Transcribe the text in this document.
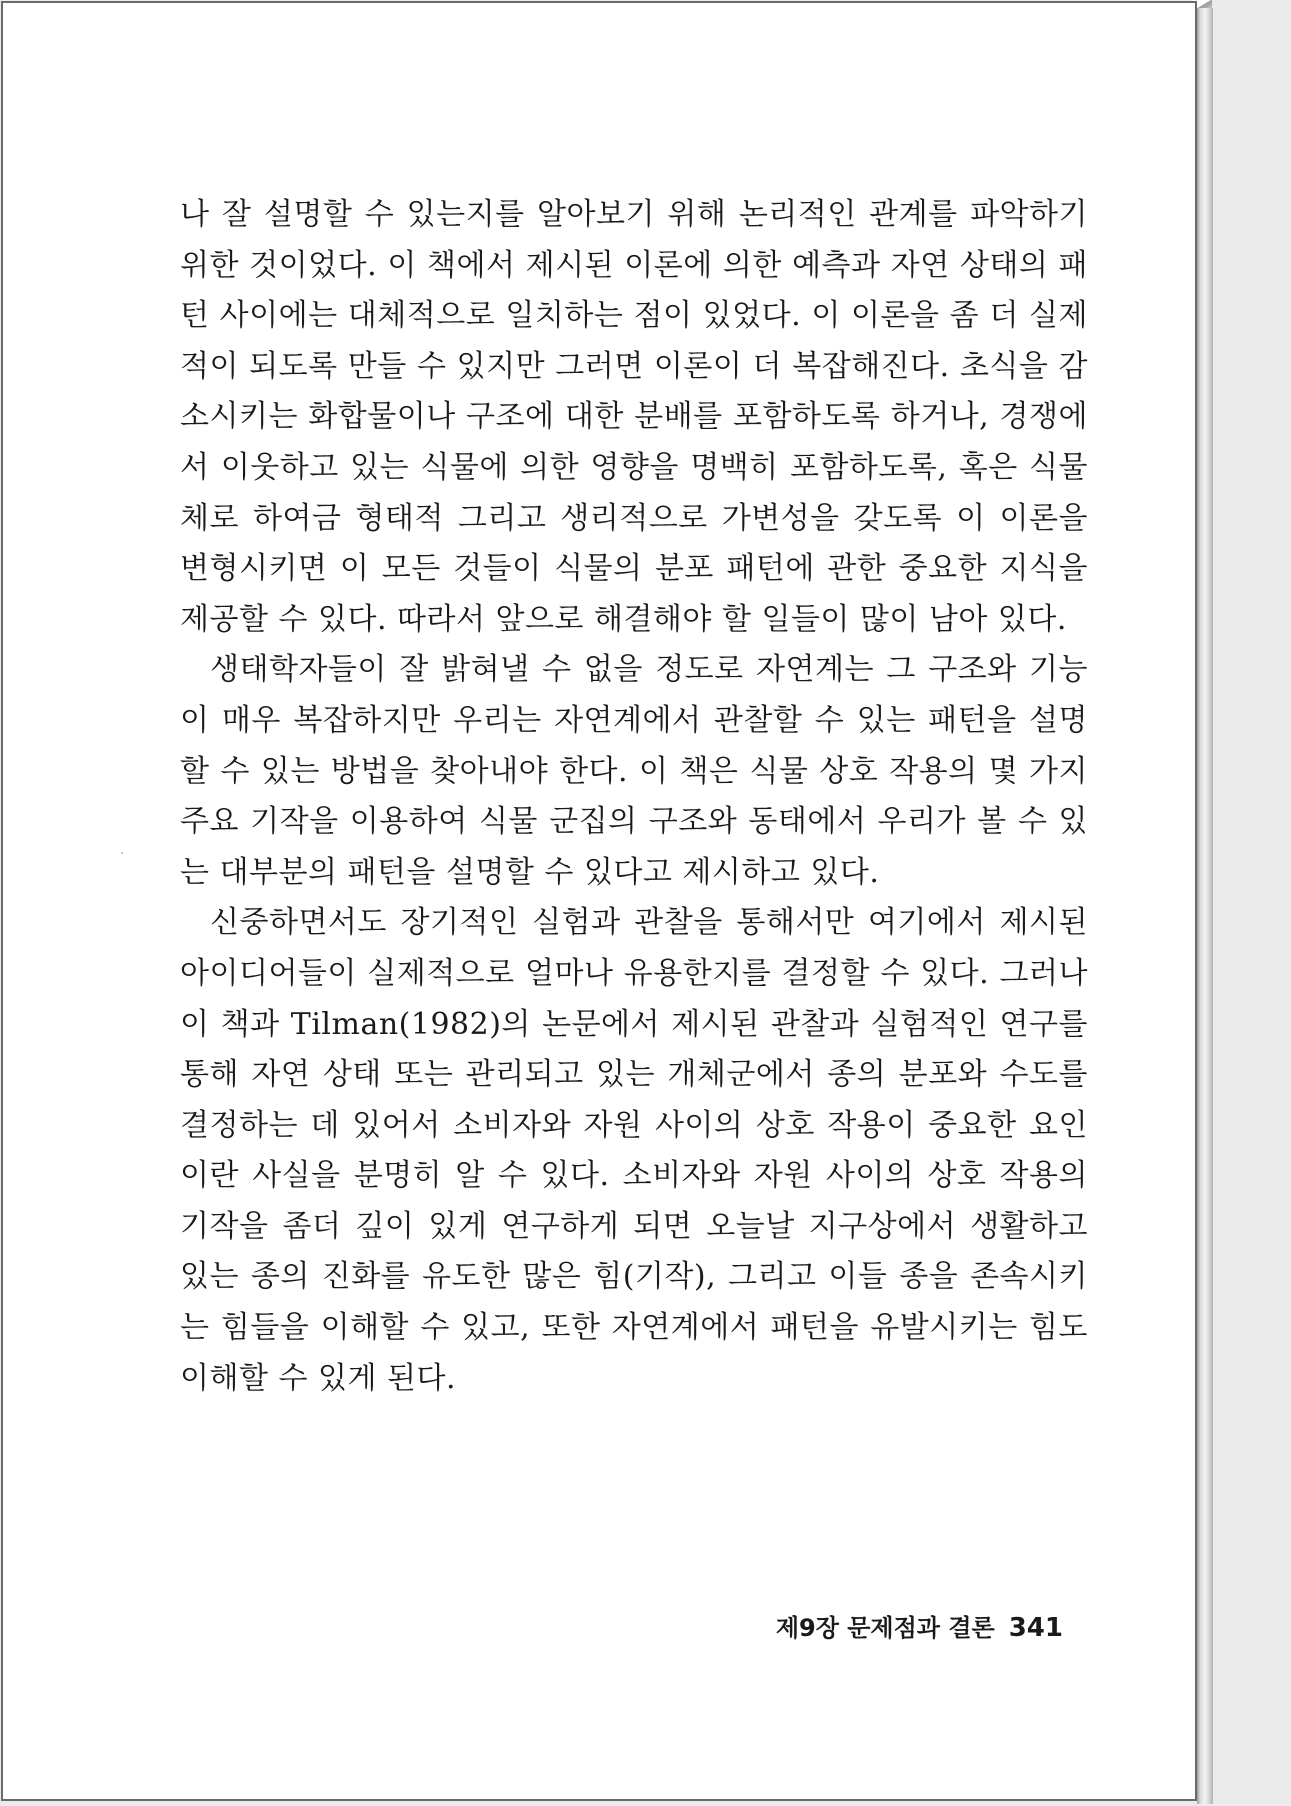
나 잘 설명할 수 있는지를 알아보기 위해 논리적인 관계를 파악하기 위한 것이었다. 이 책에서 제시된 이론에 의한 예측과 자연 상태의 패턴 사이에는 대체적으로 일치하는 점이 있었다. 이 이론을 좀 더 실제적이 되도록 만들 수 있지만 그러면 이론이 더 복잡해진다. 초식을 감소시키는 화합물이나 구조에 대한 분배를 포함하도록 하거나, 경쟁에서 이웃하고 있는 식물에 의한 영향을 명백히 포함하도록, 혹은 식물체로 하여금 형태적 그리고 생리적으로 가변성을 갖도록 이 이론을 변형시키면 이 모든 것들이 식물의 분포 패턴에 관한 중요한 지식을 제공할 수 있다. 따라서 앞으로 해결해야 할 일들이 많이 남아 있다.

생태학자들이 잘 밝혀낼 수 없을 정도로 자연계는 그 구조와 기능이 매우 복잡하지만 우리는 자연계에서 관찰할 수 있는 패턴을 설명할 수 있는 방법을 찾아내야 한다. 이 책은 식물 상호 작용의 몇 가지 주요 기작을 이용하여 식물 군집의 구조와 동태에서 우리가 볼 수 있는 대부분의 패턴을 설명할 수 있다고 제시하고 있다.

신중하면서도 장기적인 실험과 관찰을 통해서만 여기에서 제시된 아이디어들이 실제적으로 얼마나 유용한지를 결정할 수 있다. 그러나 이 책과 Tilman(1982)의 논문에서 제시된 관찰과 실험적인 연구를 통해 자연 상태 또는 관리되고 있는 개체군에서 종의 분포와 수도를 결정하는 데 있어서 소비자와 자원 사이의 상호 작용이 중요한 요인이란 사실을 분명히 알 수 있다. 소비자와 자원 사이의 상호 작용의 기작을 좀더 깊이 있게 연구하게 되면 오늘날 지구상에서 생활하고 있는 종의 진화를 유도한 많은 힘(기작), 그리고 이들 종을 존속시키는 힘들을 이해할 수 있고, 또한 자연계에서 패턴을 유발시키는 힘도 이해할 수 있게 된다.

제9장 문제점과 결론 341
